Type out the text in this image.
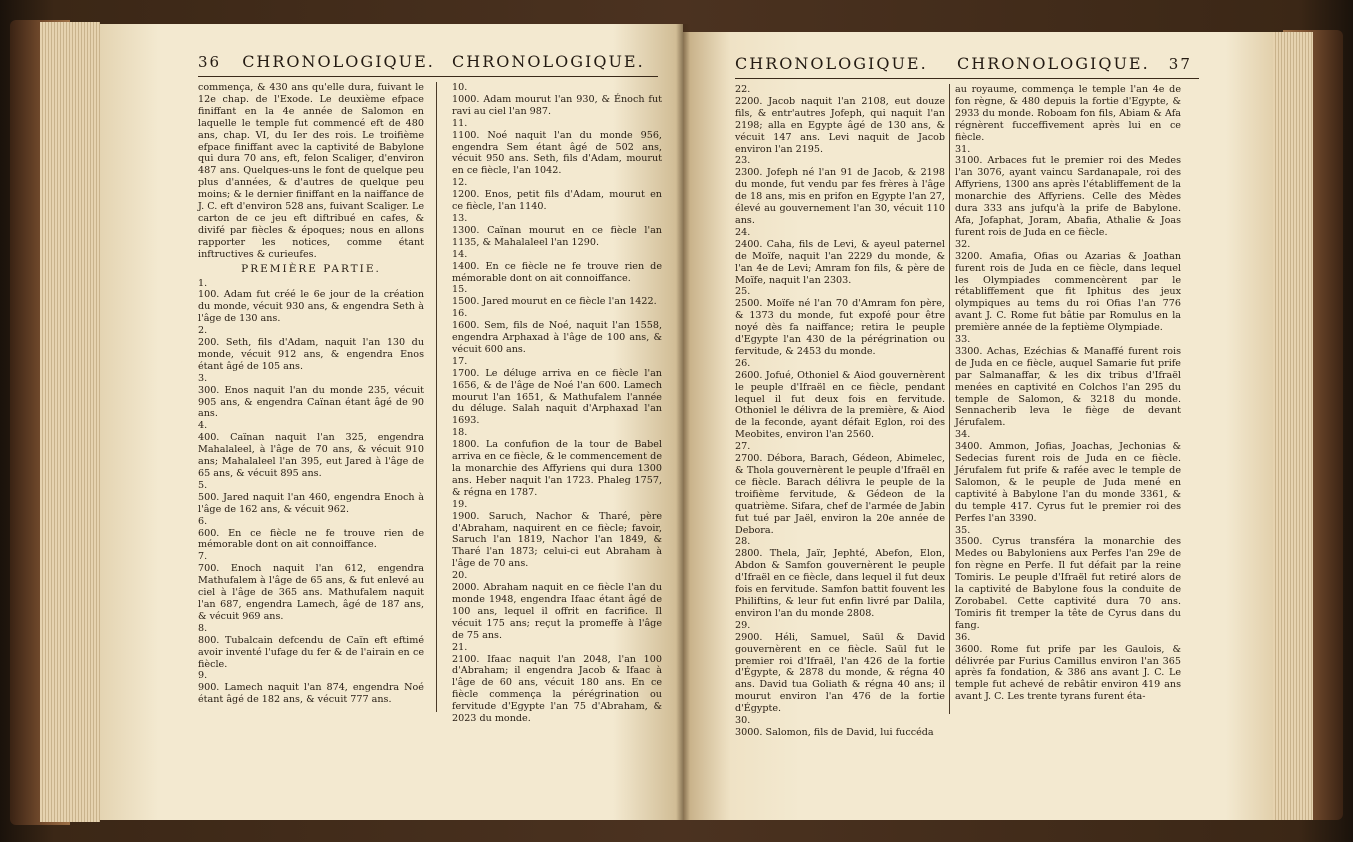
36 CHRONOLOGIQUE. CHRONOLOGIQUE.

commença, & 430 ans qu'elle dura, fuivant le 12e chap. de l'Exode. Le deuxième efpace finiffant en la 4e année de Salomon en laquelle le temple fut commencé eft de 480 ans, chap. VI, du Ier des rois. Le troifième efpace finiffant avec la captivité de Babylone qui dura 70 ans, eft, felon Scaliger, d'environ 487 ans. Quelques-uns le font de quelque peu plus d'années, & d'autres de quelque peu moins; & le dernier finiffant en la naiffance de J. C. eft d'environ 528 ans, fuivant Scaliger. Le carton de ce jeu eft diftribué en cafes, & divifé par fiècles & époques; nous en allons rapporter les notices, comme étant inftructives & curieufes.

PREMIÈRE PARTIE.

1.

100. Adam fut créé le 6e jour de la création du monde, vécuit 930 ans, & engendra Seth à l'âge de 130 ans.

2.

200. Seth, fils d'Adam, naquit l'an 130 du monde, vécuit 912 ans, & engendra Enos étant âgé de 105 ans.

3.

300. Enos naquit l'an du monde 235, vécuit 905 ans, & engendra Caïnan étant âgé de 90 ans.

4.

400. Caïnan naquit l'an 325, engendra Mahalaleel, à l'âge de 70 ans, & vécuit 910 ans; Mahalaleel l'an 395, eut Jared à l'âge de 65 ans, & vécuit 895 ans.

5.

500. Jared naquit l'an 460, engendra Enoch à l'âge de 162 ans, & vécuit 962.

6.

600. En ce fiècle ne fe trouve rien de mémorable dont on ait connoiffance.

7.

700. Enoch naquit l'an 612, engendra Mathufalem à l'âge de 65 ans, & fut enlevé au ciel à l'âge de 365 ans. Mathufalem naquit l'an 687, engendra Lamech, âgé de 187 ans, & vécuit 969 ans.

8.

800. Tubalcain defcendu de Caïn eft eftimé avoir inventé l'ufage du fer & de l'airain en ce fiècle.

9.

900. Lamech naquit l'an 874, engendra Noé étant âgé de 182 ans, & vécuit 777 ans.

10.

1000. Adam mourut l'an 930, & Énoch fut ravi au ciel l'an 987.

11.

1100. Noé naquit l'an du monde 956, engendra Sem étant âgé de 502 ans, vécuit 950 ans. Seth, fils d'Adam, mourut en ce fiècle, l'an 1042.

12.

1200. Enos, petit fils d'Adam, mourut en ce fiècle, l'an 1140.

13.

1300. Caïnan mourut en ce fiècle l'an 1135, & Mahalaleel l'an 1290.

14.

1400. En ce fiècle ne fe trouve rien de mémorable dont on ait connoiffance.

15.

1500. Jared mourut en ce fiècle l'an 1422.

16.

1600. Sem, fils de Noé, naquit l'an 1558, engendra Arphaxad à l'âge de 100 ans, & vécuit 600 ans.

17.

1700. Le déluge arriva en ce fiècle l'an 1656, & de l'âge de Noé l'an 600. Lamech mourut l'an 1651, & Mathufalem l'année du déluge. Salah naquit d'Arphaxad l'an 1693.

18.

1800. La confufion de la tour de Babel arriva en ce fiècle, & le commencement de la monarchie des Affyriens qui dura 1300 ans. Heber naquit l'an 1723. Phaleg 1757, & régna en 1787.

19.

1900. Saruch, Nachor & Tharé, père d'Abraham, naquirent en ce fiècle; favoir, Saruch l'an 1819, Nachor l'an 1849, & Tharé l'an 1873; celui-ci eut Abraham à l'âge de 70 ans.

20.

2000. Abraham naquit en ce fiècle l'an du monde 1948, engendra Ifaac étant âgé de 100 ans, lequel il offrit en facrifice. Il vécuit 175 ans; reçut la promeffe à l'âge de 75 ans.

21.

2100. Ifaac naquit l'an 2048, l'an 100 d'Abraham; il engendra Jacob & Ifaac à l'âge de 60 ans, vécuit 180 ans. En ce fiècle commença la pérégrination ou fervitude d'Egypte l'an 75 d'Abraham, & 2023 du monde.

CHRONOLOGIQUE. CHRONOLOGIQUE. 37

22.

2200. Jacob naquit l'an 2108, eut douze fils, & entr'autres Jofeph, qui naquit l'an 2198; alla en Egypte âgé de 130 ans, & vécuit 147 ans. Levi naquit de Jacob environ l'an 2195.

23.

2300. Jofeph né l'an 91 de Jacob, & 2198 du monde, fut vendu par fes frères à l'âge de 18 ans, mis en prifon en Egypte l'an 27, élevé au gouvernement l'an 30, vécuit 110 ans.

24.

2400. Caha, fils de Levi, & ayeul paternel de Moïfe, naquit l'an 2229 du monde, & l'an 4e de Levi; Amram fon fils, & père de Moïfe, naquit l'an 2303.

25.

2500. Moïfe né l'an 70 d'Amram fon père, & 1373 du monde, fut expofé pour être noyé dès fa naiffance; retira le peuple d'Egypte l'an 430 de la pérégrination ou fervitude, & 2453 du monde.

26.

2600. Jofué, Othoniel & Aiod gouvernèrent le peuple d'Ifraël en ce fiècle, pendant lequel il fut deux fois en fervitude. Othoniel le délivra de la première, & Aiod de la feconde, ayant défait Eglon, roi des Meobites, environ l'an 2560.

27.

2700. Débora, Barach, Gédeon, Abimelec, & Thola gouvernèrent le peuple d'Ifraël en ce fiècle. Barach délivra le peuple de la troifième fervitude, & Gédeon de la quatrième. Sifara, chef de l'armée de Jabin fut tué par Jaël, environ la 20e année de Debora.

28.

2800. Thela, Jaïr, Jephté, Abefon, Elon, Abdon & Samfon gouvernèrent le peuple d'Ifraël en ce fiècle, dans lequel il fut deux fois en fervitude. Samfon battit fouvent les Philiftins, & leur fut enfin livré par Dalila, environ l'an du monde 2808.

29.

2900. Héli, Samuel, Saül & David gouvernèrent en ce fiècle. Saül fut le premier roi d'Ifraël, l'an 426 de la fortie d'Égypte, & 2878 du monde, & régna 40 ans. David tua Goliath & régna 40 ans; il mourut environ l'an 476 de la fortie d'Égypte.

30.

3000. Salomon, fils de David, lui fuccéda

au royaume, commença le temple l'an 4e de fon règne, & 480 depuis la fortie d'Egypte, & 2933 du monde. Roboam fon fils, Abiam & Afa régnèrent fucceffivement après lui en ce fiècle.

31.

3100. Arbaces fut le premier roi des Medes l'an 3076, ayant vaincu Sardanapale, roi des Affyriens, 1300 ans après l'établiffement de la monarchie des Affyriens. Celle des Mèdes dura 333 ans jufqu'à la prife de Babylone. Afa, Jofaphat, Joram, Abafia, Athalie & Joas furent rois de Juda en ce fiècle.

32.

3200. Amafia, Ofias ou Azarias & Joathan furent rois de Juda en ce fiècle, dans lequel les Olympiades commencèrent par le rétabliffement que fit Iphitus des jeux olympiques au tems du roi Ofias l'an 776 avant J. C. Rome fut bâtie par Romulus en la première année de la feptième Olympiade.

33.

3300. Achas, Ezéchias & Manaffé furent rois de Juda en ce fiècle, auquel Samarie fut prife par Salmanaffar, & les dix tribus d'Ifraël menées en captivité en Colchos l'an 295 du temple de Salomon, & 3218 du monde. Sennacherib leva le fiège de devant Jérufalem.

34.

3400. Ammon, Jofias, Joachas, Jechonias & Sedecias furent rois de Juda en ce fiècle. Jérufalem fut prife & rafée avec le temple de Salomon, & le peuple de Juda mené en captivité à Babylone l'an du monde 3361, & du temple 417. Cyrus fut le premier roi des Perfes l'an 3390.

35.

3500. Cyrus transféra la monarchie des Medes ou Babyloniens aux Perfes l'an 29e de fon règne en Perfe. Il fut défait par la reine Tomiris. Le peuple d'Ifraël fut retiré alors de la captivité de Babylone fous la conduite de Zorobabel. Cette captivité dura 70 ans. Tomiris fit tremper la tête de Cyrus dans du fang.

36.

3600. Rome fut prife par les Gaulois, & délivrée par Furius Camillus environ l'an 365 après fa fondation, & 386 ans avant J. C. Le temple fut achevé de rebâtir environ 419 ans avant J. C. Les trente tyrans furent éta-
